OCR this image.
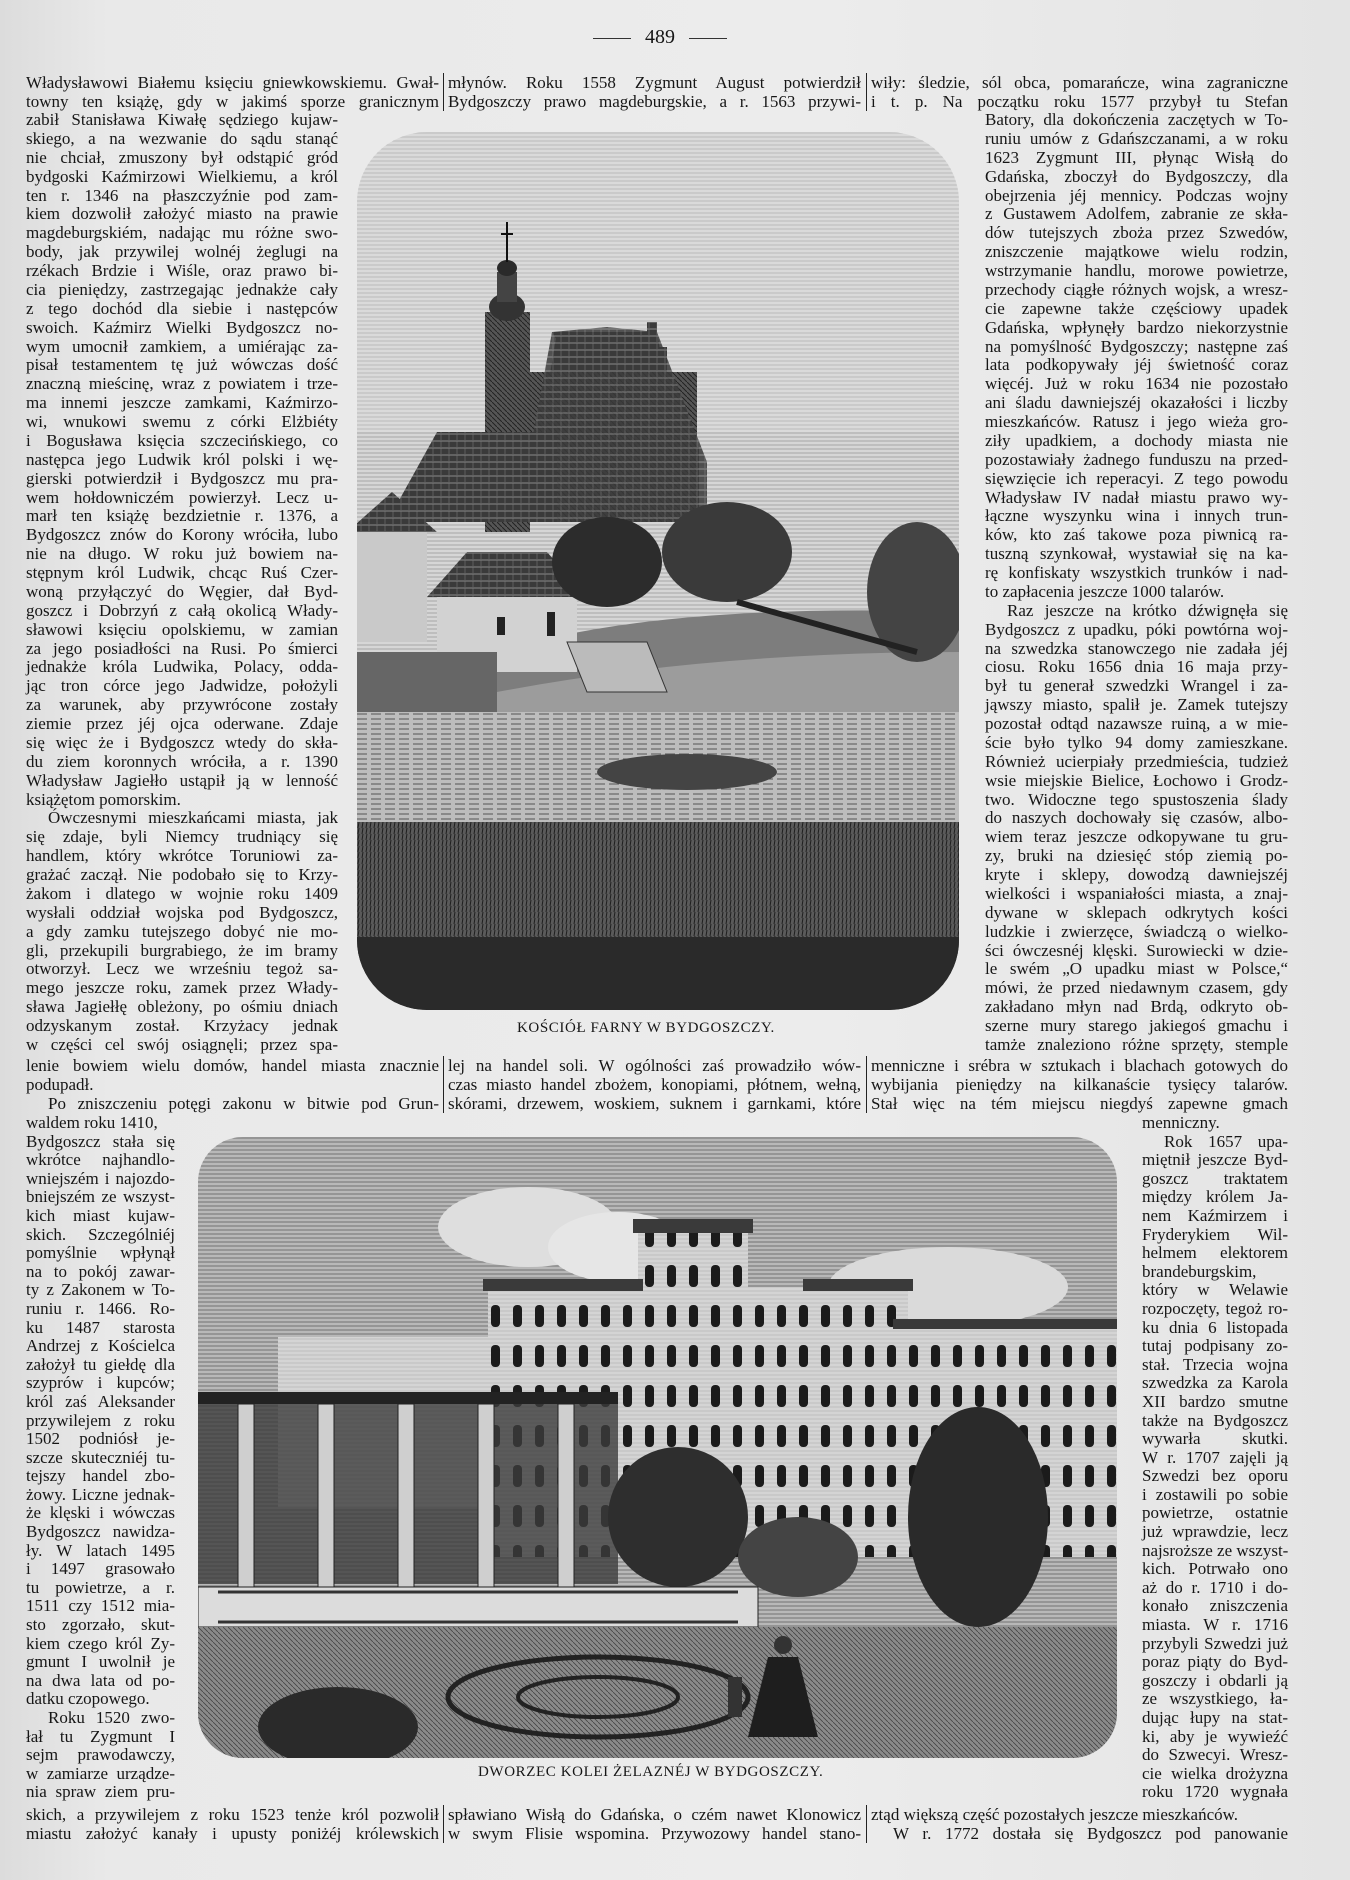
489
Władysławowi Białemu księciu gniewkowskiemu. Gwał-
towny ten książę, gdy w jakimś sporze granicznym
młynów. Roku 1558 Zygmunt August potwierdził
Bydgoszczy prawo magdeburgskie, a r. 1563 przywi-
wiły: śledzie, sól obca, pomarańcze, wina zagraniczne
i t. p. Na początku roku 1577 przybył tu Stefan
zabił Stanisława Kiwałę sędziego kujaw-
skiego, a na wezwanie do sądu stanąć
nie chciał, zmuszony był odstąpić gród
bydgoski Kaźmirzowi Wielkiemu, a król
ten r. 1346 na płaszczyźnie pod zam-
kiem dozwolił założyć miasto na prawie
magdeburgskiém, nadając mu różne swo-
body, jak przywilej wolnéj żeglugi na
rzékach Brdzie i Wiśle, oraz prawo bi-
cia pieniędzy, zastrzegając jednakże cały
z tego dochód dla siebie i następców
swoich. Kaźmirz Wielki Bydgoszcz no-
wym umocnił zamkiem, a umiérając za-
pisał testamentem tę już wówczas dość
znaczną mieścinę, wraz z powiatem i trze-
ma innemi jeszcze zamkami, Kaźmirzo-
wi, wnukowi swemu z córki Elżbiéty
i Bogusława księcia szczecińskiego, co
następca jego Ludwik król polski i wę-
gierski potwierdził i Bydgoszcz mu pra-
wem hołdowniczém powierzył. Lecz u-
marł ten książę bezdzietnie r. 1376, a
Bydgoszcz znów do Korony wróciła, lubo
nie na długo. W roku już bowiem na-
stępnym król Ludwik, chcąc Ruś Czer-
woną przyłączyć do Węgier, dał Byd-
goszcz i Dobrzyń z całą okolicą Włady-
sławowi księciu opolskiemu, w zamian
za jego posiadłości na Rusi. Po śmierci
jednakże króla Ludwika, Polacy, odda-
jąc tron córce jego Jadwidze, położyli
za warunek, aby przywrócone zostały
ziemie przez jéj ojca oderwane. Zdaje
się więc że i Bydgoszcz wtedy do skła-
du ziem koronnych wróciła, a r. 1390
Władysław Jagiełło ustąpił ją w lenność
książętom pomorskim.
Ówczesnymi mieszkańcami miasta, jak
się zdaje, byli Niemcy trudniący się
handlem, który wkrótce Toruniowi za-
grażać zaczął. Nie podobało się to Krzy-
żakom i dlatego w wojnie roku 1409
wysłali oddział wojska pod Bydgoszcz,
a gdy zamku tutejszego dobyć nie mo-
gli, przekupili burgrabiego, że im bramy
otworzył. Lecz we wrześniu tegoż sa-
mego jeszcze roku, zamek przez Włady-
sława Jagiełłę obleżony, po ośmiu dniach
odzyskanym został. Krzyżacy jednak
w części cel swój osiągnęli; przez spa-
lenie bowiem wielu domów, handel miasta znacznie
podupadł.
Po zniszczeniu potęgi zakonu w bitwie pod Grun-
waldem roku 1410,
Bydgoszcz stała się
wkrótce najhandlo-
wniejszém i najozdo-
bniejszém ze wszyst-
kich miast kujaw-
skich. Szczególniéj
pomyślnie wpłynął
na to pokój zawar-
ty z Zakonem w To-
runiu r. 1466. Ro-
ku 1487 starosta
Andrzej z Kościelca
założył tu giełdę dla
szyprów i kupców;
król zaś Aleksander
przywilejem z roku
1502 podniósł je-
szcze skuteczniéj tu-
tejszy handel zbo-
żowy. Liczne jednak-
że klęski i wówczas
Bydgoszcz nawidza-
ły. W latach 1495
i 1497 grasowało
tu powietrze, a r.
1511 czy 1512 mia-
sto zgorzało, skut-
kiem czego król Zy-
gmunt I uwolnił je
na dwa lata od po-
datku czopowego.
Roku 1520 zwo-
łał tu Zygmunt I
sejm prawodawczy,
w zamiarze urządze-
nia spraw ziem pru-
skich, a przywilejem z roku 1523 tenże król pozwolił
miastu założyć kanały i upusty poniżéj królewskich
lej na handel soli. W ogólności zaś prowadziło wów-
czas miasto handel zbożem, konopiami, płótnem, wełną,
skórami, drzewem, woskiem, suknem i garnkami, które
spławiano Wisłą do Gdańska, o czém nawet Klonowicz
w swym Flisie wspomina. Przywozowy handel stano-
Batory, dla dokończenia zaczętych w To-
runiu umów z Gdańszczanami, a w roku
1623 Zygmunt III, płynąc Wisłą do
Gdańska, zboczył do Bydgoszczy, dla
obejrzenia jéj mennicy. Podczas wojny
z Gustawem Adolfem, zabranie ze skła-
dów tutejszych zboża przez Szwedów,
zniszczenie majątkowe wielu rodzin,
wstrzymanie handlu, morowe powietrze,
przechody ciągłe różnych wojsk, a wresz-
cie zapewne także częściowy upadek
Gdańska, wpłynęły bardzo niekorzystnie
na pomyślność Bydgoszczy; następne zaś
lata podkopywały jéj świetność coraz
więcéj. Już w roku 1634 nie pozostało
ani śladu dawniejszéj okazałości i liczby
mieszkańców. Ratusz i jego wieża gro-
ziły upadkiem, a dochody miasta nie
pozostawiały żadnego funduszu na przed-
sięwzięcie ich reperacyi. Z tego powodu
Władysław IV nadał miastu prawo wy-
łączne wyszynku wina i innych trun-
ków, kto zaś takowe poza piwnicą ra-
tuszną szynkował, wystawiał się na ka-
rę konfiskaty wszystkich trunków i nad-
to zapłacenia jeszcze 1000 talarów.
Raz jeszcze na krótko dźwignęła się
Bydgoszcz z upadku, póki powtórna woj-
na szwedzka stanowczego nie zadała jéj
ciosu. Roku 1656 dnia 16 maja przy-
był tu generał szwedzki Wrangel i za-
jąwszy miasto, spalił je. Zamek tutejszy
pozostał odtąd nazawsze ruiną, a w mie-
ście było tylko 94 domy zamieszkane.
Również ucierpiały przedmieścia, tudzież
wsie miejskie Bielice, Łochowo i Grodz-
two. Widoczne tego spustoszenia ślady
do naszych dochowały się czasów, albo-
wiem teraz jeszcze odkopywane tu gru-
zy, bruki na dziesięć stóp ziemią po-
kryte i sklepy, dowodzą dawniejszéj
wielkości i wspaniałości miasta, a znaj-
dywane w sklepach odkrytych kości
ludzkie i zwierzęce, świadczą o wielko-
ści ówczesnéj klęski. Surowiecki w dzie-
le swém „O upadku miast w Polsce,“
mówi, że przed niedawnym czasem, gdy
zakładano młyn nad Brdą, odkryto ob-
szerne mury starego jakiegoś gmachu i
tamże znaleziono różne sprzęty, stemple
menniczne i srébra w sztukach i blachach gotowych do
wybijania pieniędzy na kilkanaście tysięcy talarów.
Stał więc na tém miejscu niegdyś zapewne gmach
menniczny.
Rok 1657 upa-
miętnił jeszcze Byd-
goszcz traktatem
między królem Ja-
nem Kaźmirzem i
Fryderykiem Wil-
helmem elektorem
brandeburgskim,
który w Welawie
rozpoczęty, tegoż ro-
ku dnia 6 listopada
tutaj podpisany zo-
stał. Trzecia wojna
szwedzka za Karola
XII bardzo smutne
także na Bydgoszcz
wywarła skutki.
W r. 1707 zajęli ją
Szwedzi bez oporu
i zostawili po sobie
powietrze, ostatnie
już wprawdzie, lecz
najsroższe ze wszyst-
kich. Potrwało ono
aż do r. 1710 i do-
konało zniszczenia
miasta. W r. 1716
przybyli Szwedzi już
poraz piąty do Byd-
goszczy i obdarli ją
ze wszystkiego, ła-
dując łupy na stat-
ki, aby je wywieźć
do Szwecyi. Wresz-
cie wielka drożyzna
roku 1720 wygnała
ztąd większą część pozostałych jeszcze mieszkańców.
W r. 1772 dostała się Bydgoszcz pod panowanie
KOŚCIÓŁ FARNY W BYDGOSZCZY.
DWORZEC KOLEI ŻELAZNÉJ W BYDGOSZCZY.
